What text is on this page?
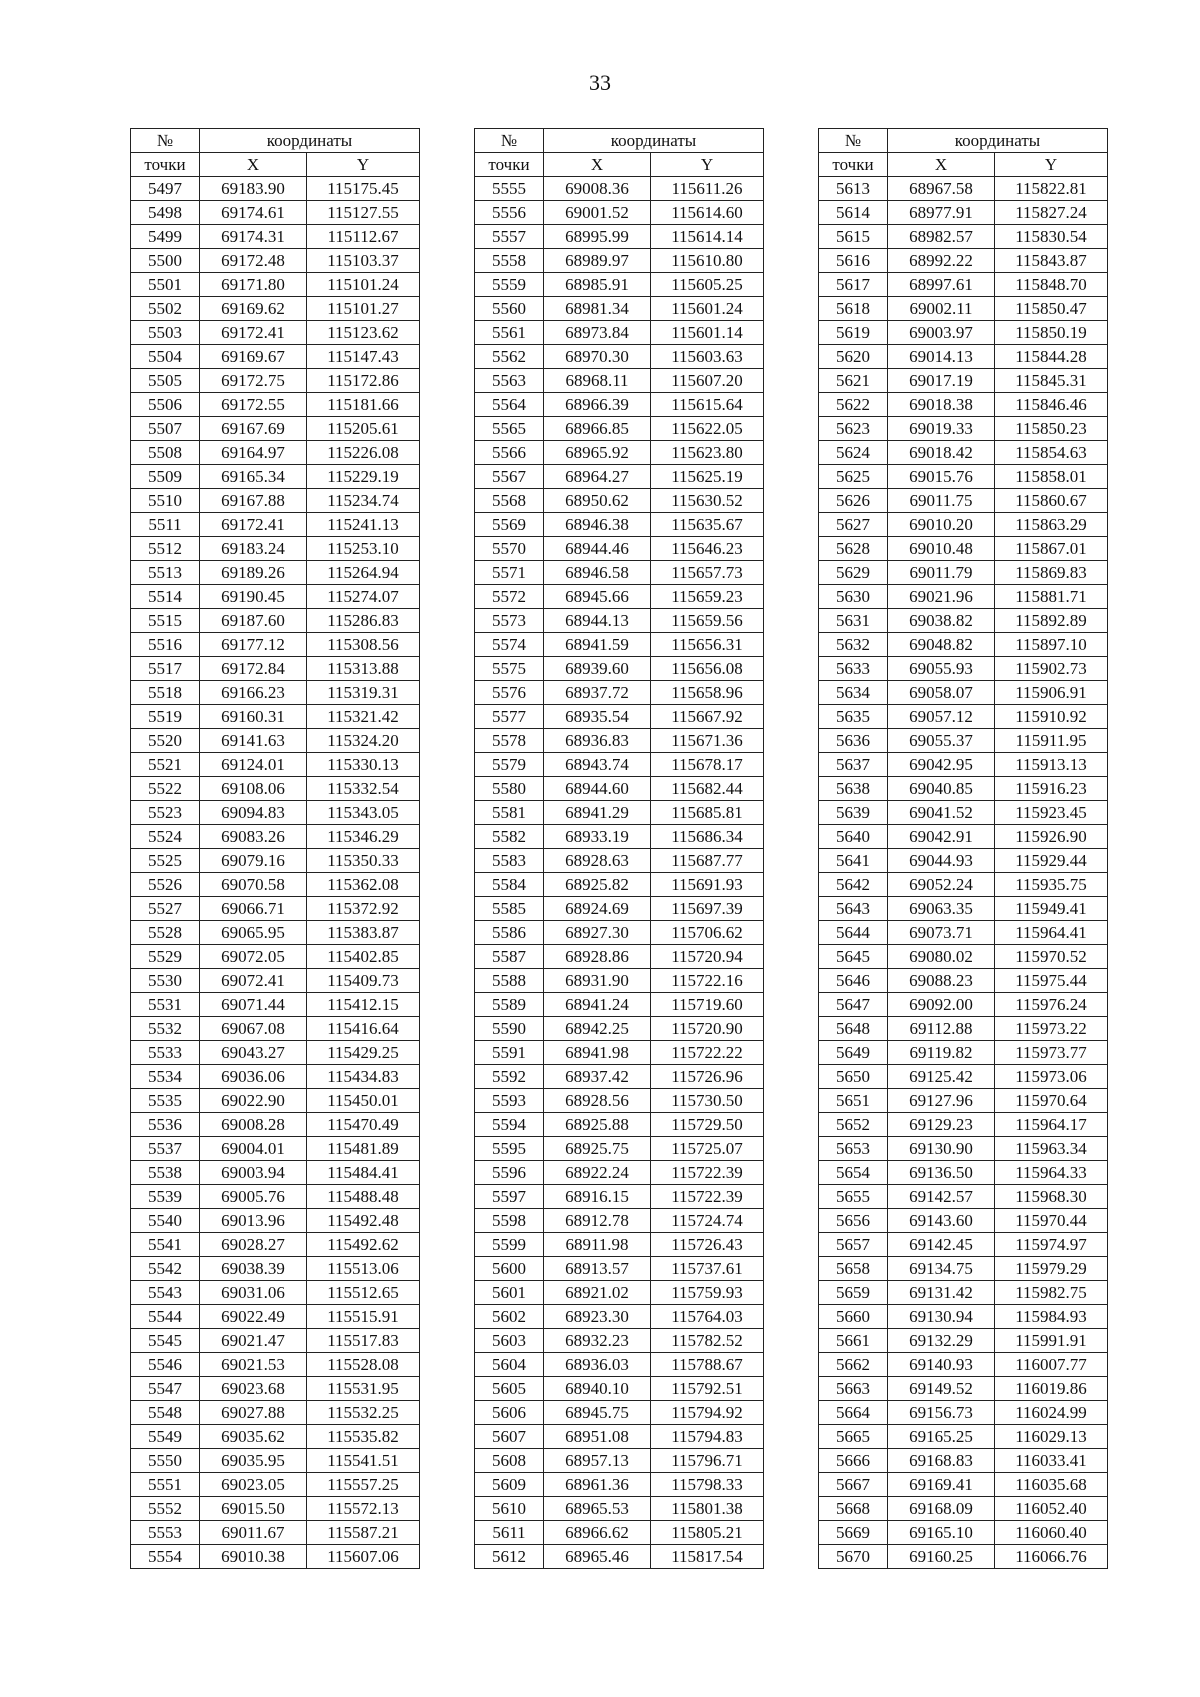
33
№	координаты	
точки	X	Y
5497	69183.90	115175.45
5498	69174.61	115127.55
5499	69174.31	115112.67
5500	69172.48	115103.37
5501	69171.80	115101.24
5502	69169.62	115101.27
5503	69172.41	115123.62
5504	69169.67	115147.43
5505	69172.75	115172.86
5506	69172.55	115181.66
5507	69167.69	115205.61
5508	69164.97	115226.08
5509	69165.34	115229.19
5510	69167.88	115234.74
5511	69172.41	115241.13
5512	69183.24	115253.10
5513	69189.26	115264.94
5514	69190.45	115274.07
5515	69187.60	115286.83
5516	69177.12	115308.56
5517	69172.84	115313.88
5518	69166.23	115319.31
5519	69160.31	115321.42
5520	69141.63	115324.20
5521	69124.01	115330.13
5522	69108.06	115332.54
5523	69094.83	115343.05
5524	69083.26	115346.29
5525	69079.16	115350.33
5526	69070.58	115362.08
5527	69066.71	115372.92
5528	69065.95	115383.87
5529	69072.05	115402.85
5530	69072.41	115409.73
5531	69071.44	115412.15
5532	69067.08	115416.64
5533	69043.27	115429.25
5534	69036.06	115434.83
5535	69022.90	115450.01
5536	69008.28	115470.49
5537	69004.01	115481.89
5538	69003.94	115484.41
5539	69005.76	115488.48
5540	69013.96	115492.48
5541	69028.27	115492.62
5542	69038.39	115513.06
5543	69031.06	115512.65
5544	69022.49	115515.91
5545	69021.47	115517.83
5546	69021.53	115528.08
5547	69023.68	115531.95
5548	69027.88	115532.25
5549	69035.62	115535.82
5550	69035.95	115541.51
5551	69023.05	115557.25
5552	69015.50	115572.13
5553	69011.67	115587.21
5554	69010.38	115607.06
№	координаты	
точки	X	Y
5555	69008.36	115611.26
5556	69001.52	115614.60
5557	68995.99	115614.14
5558	68989.97	115610.80
5559	68985.91	115605.25
5560	68981.34	115601.24
5561	68973.84	115601.14
5562	68970.30	115603.63
5563	68968.11	115607.20
5564	68966.39	115615.64
5565	68966.85	115622.05
5566	68965.92	115623.80
5567	68964.27	115625.19
5568	68950.62	115630.52
5569	68946.38	115635.67
5570	68944.46	115646.23
5571	68946.58	115657.73
5572	68945.66	115659.23
5573	68944.13	115659.56
5574	68941.59	115656.31
5575	68939.60	115656.08
5576	68937.72	115658.96
5577	68935.54	115667.92
5578	68936.83	115671.36
5579	68943.74	115678.17
5580	68944.60	115682.44
5581	68941.29	115685.81
5582	68933.19	115686.34
5583	68928.63	115687.77
5584	68925.82	115691.93
5585	68924.69	115697.39
5586	68927.30	115706.62
5587	68928.86	115720.94
5588	68931.90	115722.16
5589	68941.24	115719.60
5590	68942.25	115720.90
5591	68941.98	115722.22
5592	68937.42	115726.96
5593	68928.56	115730.50
5594	68925.88	115729.50
5595	68925.75	115725.07
5596	68922.24	115722.39
5597	68916.15	115722.39
5598	68912.78	115724.74
5599	68911.98	115726.43
5600	68913.57	115737.61
5601	68921.02	115759.93
5602	68923.30	115764.03
5603	68932.23	115782.52
5604	68936.03	115788.67
5605	68940.10	115792.51
5606	68945.75	115794.92
5607	68951.08	115794.83
5608	68957.13	115796.71
5609	68961.36	115798.33
5610	68965.53	115801.38
5611	68966.62	115805.21
5612	68965.46	115817.54
№	координаты	
точки	X	Y
5613	68967.58	115822.81
5614	68977.91	115827.24
5615	68982.57	115830.54
5616	68992.22	115843.87
5617	68997.61	115848.70
5618	69002.11	115850.47
5619	69003.97	115850.19
5620	69014.13	115844.28
5621	69017.19	115845.31
5622	69018.38	115846.46
5623	69019.33	115850.23
5624	69018.42	115854.63
5625	69015.76	115858.01
5626	69011.75	115860.67
5627	69010.20	115863.29
5628	69010.48	115867.01
5629	69011.79	115869.83
5630	69021.96	115881.71
5631	69038.82	115892.89
5632	69048.82	115897.10
5633	69055.93	115902.73
5634	69058.07	115906.91
5635	69057.12	115910.92
5636	69055.37	115911.95
5637	69042.95	115913.13
5638	69040.85	115916.23
5639	69041.52	115923.45
5640	69042.91	115926.90
5641	69044.93	115929.44
5642	69052.24	115935.75
5643	69063.35	115949.41
5644	69073.71	115964.41
5645	69080.02	115970.52
5646	69088.23	115975.44
5647	69092.00	115976.24
5648	69112.88	115973.22
5649	69119.82	115973.77
5650	69125.42	115973.06
5651	69127.96	115970.64
5652	69129.23	115964.17
5653	69130.90	115963.34
5654	69136.50	115964.33
5655	69142.57	115968.30
5656	69143.60	115970.44
5657	69142.45	115974.97
5658	69134.75	115979.29
5659	69131.42	115982.75
5660	69130.94	115984.93
5661	69132.29	115991.91
5662	69140.93	116007.77
5663	69149.52	116019.86
5664	69156.73	116024.99
5665	69165.25	116029.13
5666	69168.83	116033.41
5667	69169.41	116035.68
5668	69168.09	116052.40
5669	69165.10	116060.40
5670	69160.25	116066.76
